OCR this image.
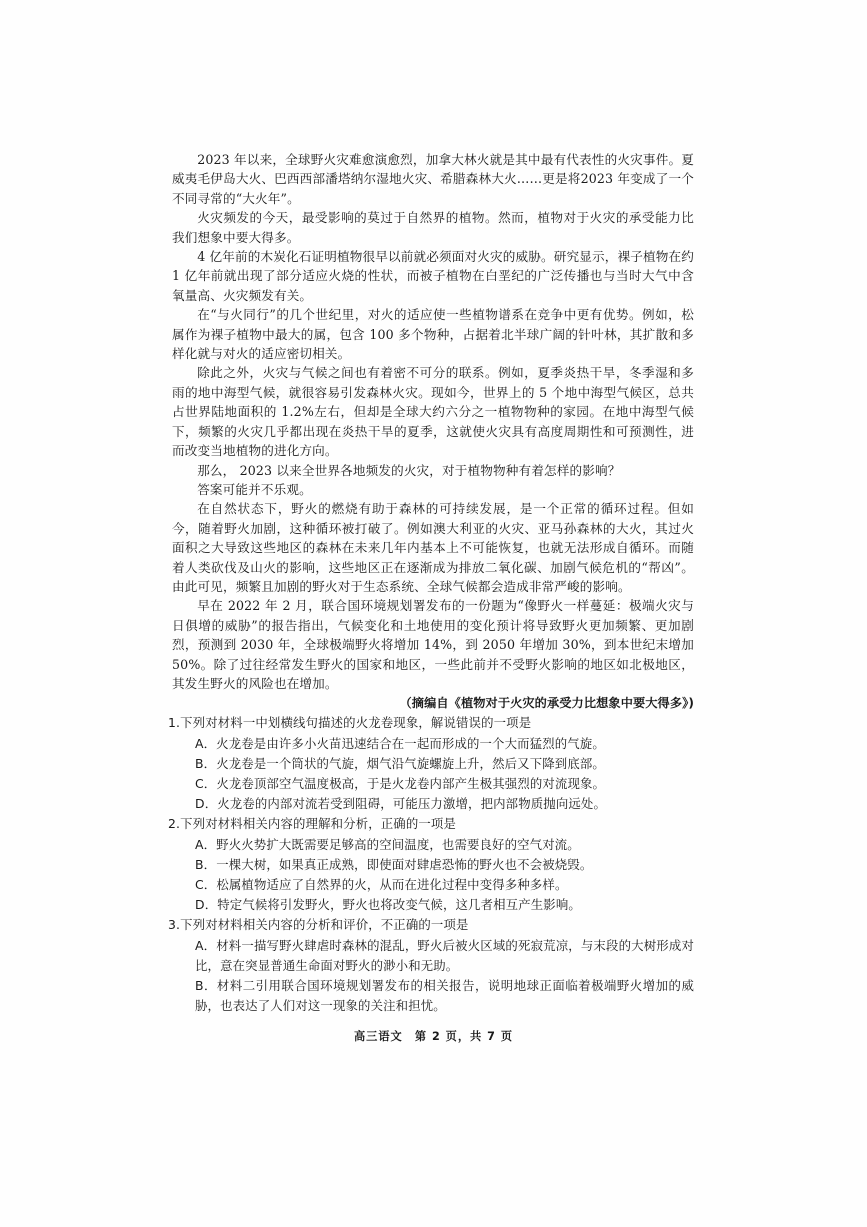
2023 年以来，全球野火灾难愈演愈烈，加拿大林火就是其中最有代表性的火灾事件。夏威夷毛伊岛大火、巴西西部潘塔纳尔湿地火灾、希腊森林大火……更是将2023 年变成了一个不同寻常的“大火年”。

火灾频发的今天，最受影响的莫过于自然界的植物。然而，植物对于火灾的承受能力比我们想象中要大得多。

4 亿年前的木炭化石证明植物很早以前就必须面对火灾的威胁。研究显示，裸子植物在约 1 亿年前就出现了部分适应火烧的性状，而被子植物在白垩纪的广泛传播也与当时大气中含氧量高、火灾频发有关。

在“与火同行”的几个世纪里，对火的适应使一些植物谱系在竞争中更有优势。例如，松属作为裸子植物中最大的属，包含 100 多个物种，占据着北半球广阔的针叶林，其扩散和多样化就与对火的适应密切相关。

除此之外，火灾与气候之间也有着密不可分的联系。例如，夏季炎热干旱，冬季湿和多雨的地中海型气候，就很容易引发森林火灾。现如今，世界上的 5 个地中海型气候区，总共占世界陆地面积的 1.2%左右，但却是全球大约六分之一植物物种的家园。在地中海型气候下，频繁的火灾几乎都出现在炎热干旱的夏季，这就使火灾具有高度周期性和可预测性，进而改变当地植物的进化方向。

那么， 2023 以来全世界各地频发的火灾，对于植物物种有着怎样的影响？

答案可能并不乐观。

在自然状态下，野火的燃烧有助于森林的可持续发展，是一个正常的循环过程。但如今，随着野火加剧，这种循环被打破了。例如澳大利亚的火灾、亚马孙森林的大火，其过火面积之大导致这些地区的森林在未来几年内基本上不可能恢复，也就无法形成自循环。而随着人类砍伐及山火的影响，这些地区正在逐渐成为排放二氧化碳、加剧气候危机的“帮凶”。由此可见，频繁且加剧的野火对于生态系统、全球气候都会造成非常严峻的影响。

早在 2022 年 2 月，联合国环境规划署发布的一份题为“像野火一样蔓延：极端火灾与日俱增的威胁”的报告指出，气候变化和土地使用的变化预计将导致野火更加频繁、更加剧烈，预测到 2030 年，全球极端野火将增加 14%，到 2050 年增加 30%，到本世纪末增加 50%。除了过往经常发生野火的国家和地区，一些此前并不受野火影响的地区如北极地区，其发生野火的风险也在增加。

（摘编自《植物对于火灾的承受力比想象中要大得多》)

1.下列对材料一中划横线句描述的火龙卷现象，解说错误的一项是

A．火龙卷是由许多小火苗迅速结合在一起而形成的一个大而猛烈的气旋。

B．火龙卷是一个筒状的气旋，烟气沿气旋螺旋上升，然后又下降到底部。

C．火龙卷顶部空气温度极高，于是火龙卷内部产生极其强烈的对流现象。

D．火龙卷的内部对流若受到阻碍，可能压力激增，把内部物质抛向远处。

2.下列对材料相关内容的理解和分析，正确的一项是

A．野火火势扩大既需要足够高的空间温度，也需要良好的空气对流。

B．一棵大树，如果真正成熟，即使面对肆虐恐怖的野火也不会被烧毁。

C．松属植物适应了自然界的火，从而在进化过程中变得多种多样。

D．特定气候将引发野火，野火也将改变气候，这几者相互产生影响。

3.下列对材料相关内容的分析和评价，不正确的一项是

A．材料一描写野火肆虐时森林的混乱，野火后被火区域的死寂荒凉，与末段的大树形成对比，意在突显普通生命面对野火的渺小和无助。

B．材料二引用联合国环境规划署发布的相关报告，说明地球正面临着极端野火增加的威胁，也表达了人们对这一现象的关注和担忧。

高三语文　第 2 页，共 7 页
